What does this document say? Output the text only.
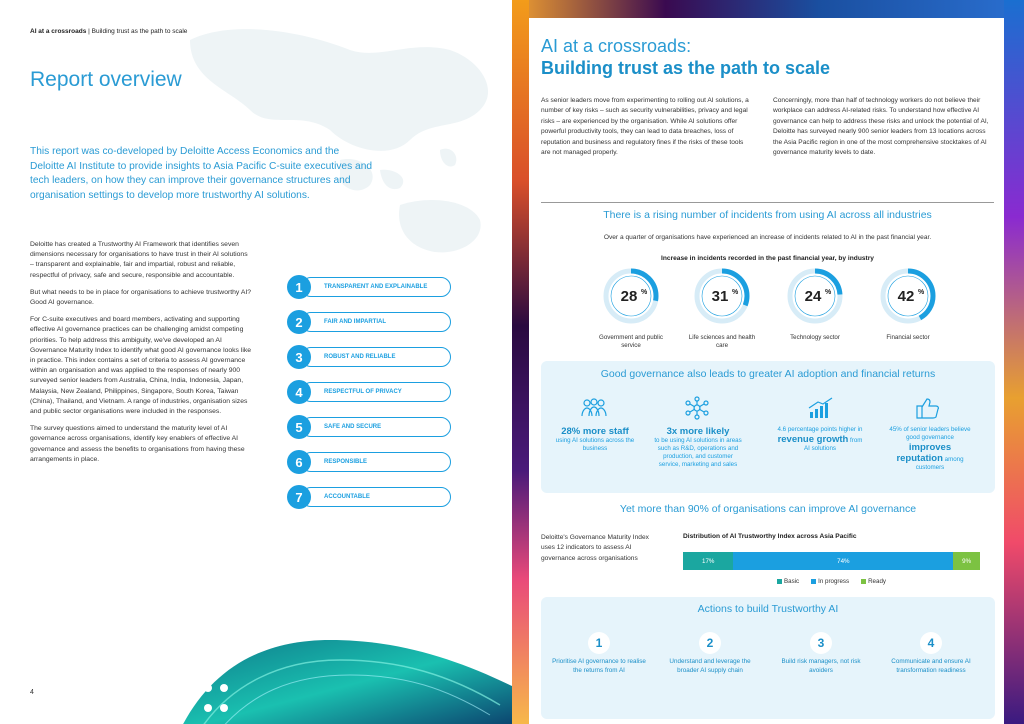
AI at a crossroads | Building trust as the path to scale
Report overview

This report was co-developed by Deloitte Access Economics and the Deloitte AI Institute to provide insights to Asia Pacific C-suite executives and tech leaders, on how they can improve their governance structures and organisation settings to develop more trustworthy AI solutions.

Deloitte has created a Trustworthy AI Framework that identifies seven dimensions necessary for organisations to have trust in their AI solutions – transparent and explainable, fair and impartial, robust and reliable, respectful of privacy, safe and secure, responsible and accountable.

But what needs to be in place for organisations to achieve trustworthy AI? Good AI governance.

For C-suite executives and board members, activating and supporting effective AI governance practices can be challenging amidst competing priorities. To help address this ambiguity, we've developed an AI Governance Maturity Index to identify what good AI governance looks like in practice. This index contains a set of criteria to assess AI governance within an organisation and was applied to the responses of nearly 900 surveyed senior leaders from Australia, China, India, Indonesia, Japan, Malaysia, New Zealand, Philippines, Singapore, South Korea, Taiwan (China), Thailand, and Vietnam. A range of industries, organisation sizes and public sector organisations were included in the responses.

The survey questions aimed to understand the maturity level of AI governance across organisations, identify key enablers of effective AI governance and assess the benefits to organisations from having these arrangements in place.

1	TRANSPARENT AND EXPLAINABLE
2	FAIR AND IMPARTIAL
3	ROBUST AND RELIABLE
4	RESPECTFUL OF PRIVACY
5	SAFE AND SECURE
6	RESPONSIBLE
7	ACCOUNTABLE
4
AI at a crossroads:
Building trust as the path to scale

As senior leaders move from experimenting to rolling out AI solutions, a number of key risks – such as security vulnerabilities, privacy and legal risks – are experienced by the organisation. While AI solutions offer powerful productivity tools, they can lead to data breaches, loss of reputation and business and regulatory fines if the risks of these tools are not managed properly.

Concerningly, more than half of technology workers do not believe their workplace can address AI-related risks. To understand how effective AI governance can help to address these risks and unlock the potential of AI, Deloitte has surveyed nearly 900 senior leaders from 13 locations across the Asia Pacific region in one of the most comprehensive stocktakes of AI governance maturity levels to date.

There is a rising number of incidents from using AI across all industries
Over a quarter of organisations have experienced an increase of incidents related to AI in the past financial year.
Increase in incidents recorded in the past financial year, by industry
28 %	31 %	24 %	42 %
Government and public service
Life sciences and health care
Technology sector	Financial sector
Good governance also leads to greater AI adoption and financial returns
28% more staff
using AI solutions across the business
3x more likely
to be using AI solutions in areas such as R&D, operations and production, and customer service, marketing and sales
4.6 percentage points higher in revenue growth from AI solutions
45% of senior leaders believe good governance improves reputation among customers
Yet more than 90% of organisations can improve AI governance

Deloitte's Governance Maturity Index uses 12 indicators to assess AI governance across organisations

Distribution of AI Trustworthy Index across Asia Pacific
17%	74%	9%
Basic	In progress	Ready
Actions to build Trustworthy AI
1	2	3	4
Prioritise AI governance to realise the returns from AI
Understand and leverage the broader AI supply chain
Build risk managers, not risk avoiders
Communicate and ensure AI transformation readiness
